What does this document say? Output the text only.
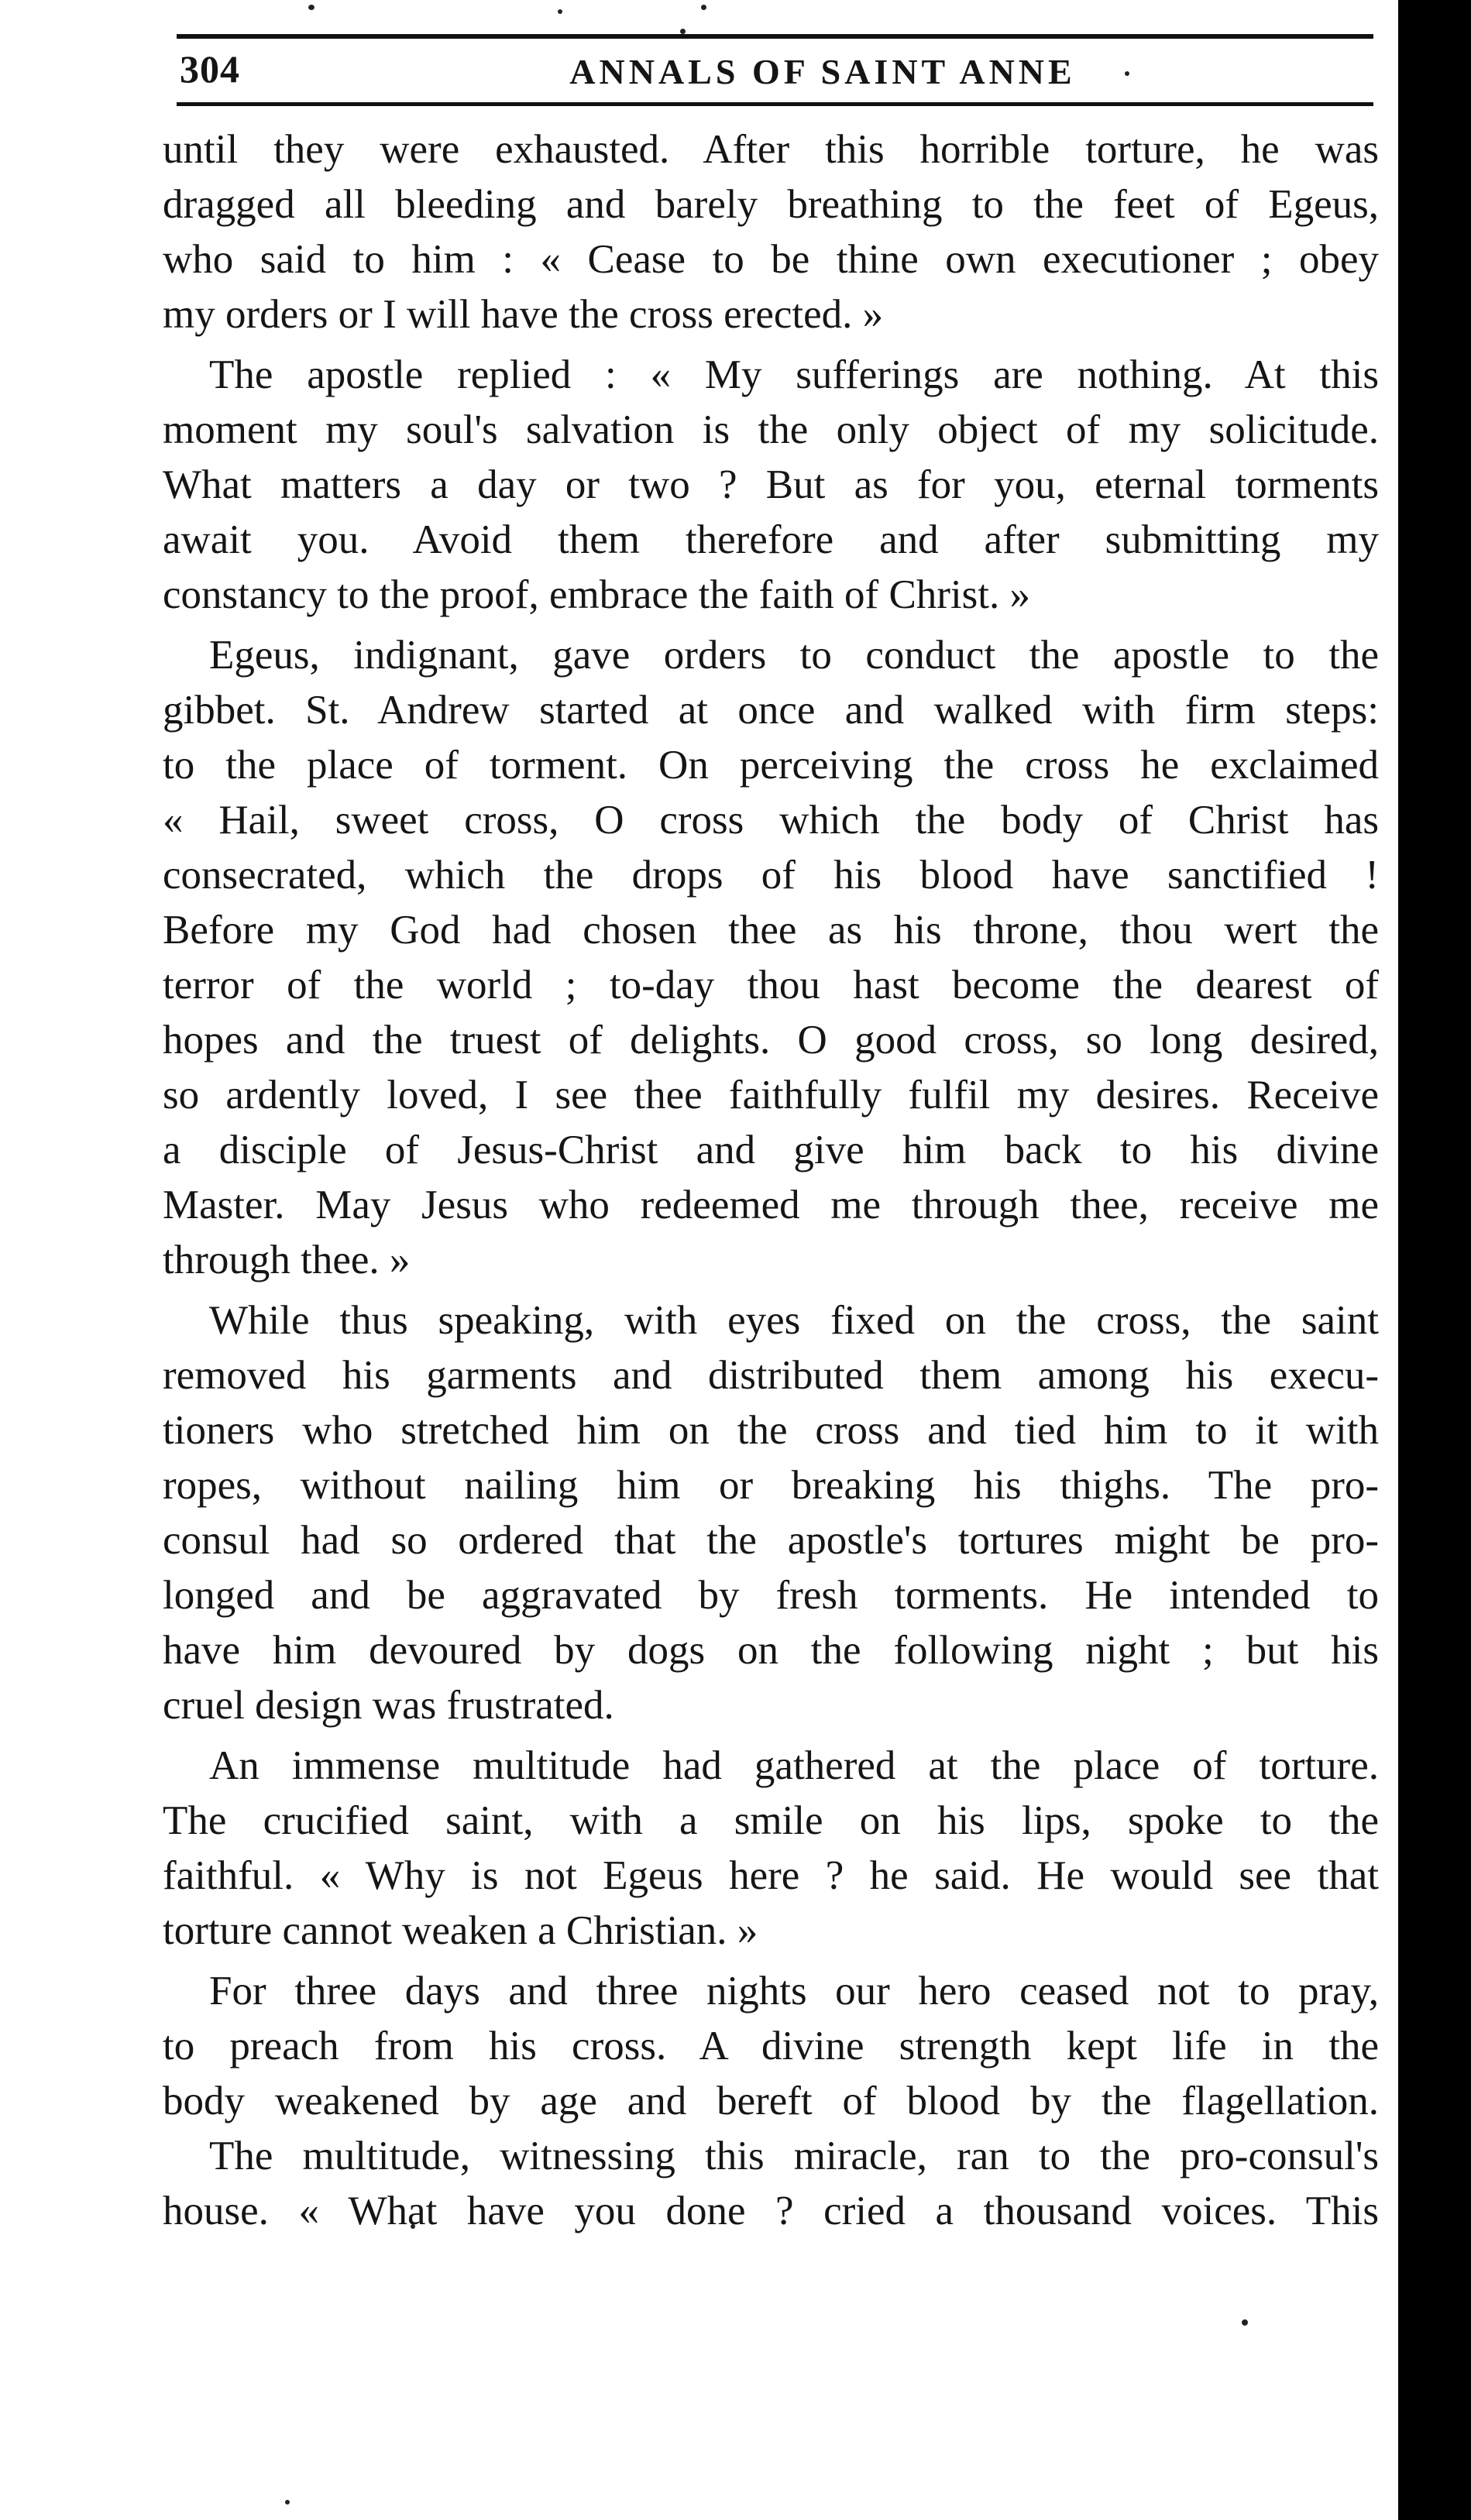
304	ANNALS OF SAINT ANNE
until they were exhausted. After this horrible torture, he was
dragged all bleeding and barely breathing to the feet of Egeus,
who said to him : « Cease to be thine own executioner ; obey
my orders or I will have the cross erected. »
The apostle replied : « My sufferings are nothing. At this
moment my soul's salvation is the only object of my solicitude.
What matters a day or two ? But as for you, eternal torments
await you. Avoid them therefore and after submitting my
constancy to the proof, embrace the faith of Christ. »
Egeus, indignant, gave orders to conduct the apostle to the
gibbet. St. Andrew started at once and walked with firm steps:
to the place of torment. On perceiving the cross he exclaimed
« Hail, sweet cross, O cross which the body of Christ has
consecrated, which the drops of his blood have sanctified !
Before my God had chosen thee as his throne, thou wert the
terror of the world ; to-day thou hast become the dearest of
hopes and the truest of delights. O good cross, so long desired,
so ardently loved, I see thee faithfully fulfil my desires. Receive
a disciple of Jesus-Christ and give him back to his divine
Master. May Jesus who redeemed me through thee, receive me
through thee. »
While thus speaking, with eyes fixed on the cross, the saint
removed his garments and distributed them among his execu-
tioners who stretched him on the cross and tied him to it with
ropes, without nailing him or breaking his thighs. The pro-
consul had so ordered that the apostle's tortures might be pro-
longed and be aggravated by fresh torments. He intended to
have him devoured by dogs on the following night ; but his
cruel design was frustrated.
An immense multitude had gathered at the place of torture.
The crucified saint, with a smile on his lips, spoke to the
faithful. « Why is not Egeus here ? he said. He would see that
torture cannot weaken a Christian. »
For three days and three nights our hero ceased not to pray,
to preach from his cross. A divine strength kept life in the
body weakened by age and bereft of blood by the flagellation.
The multitude, witnessing this miracle, ran to the pro-consul's
house. « What have you done ? cried a thousand voices. This
